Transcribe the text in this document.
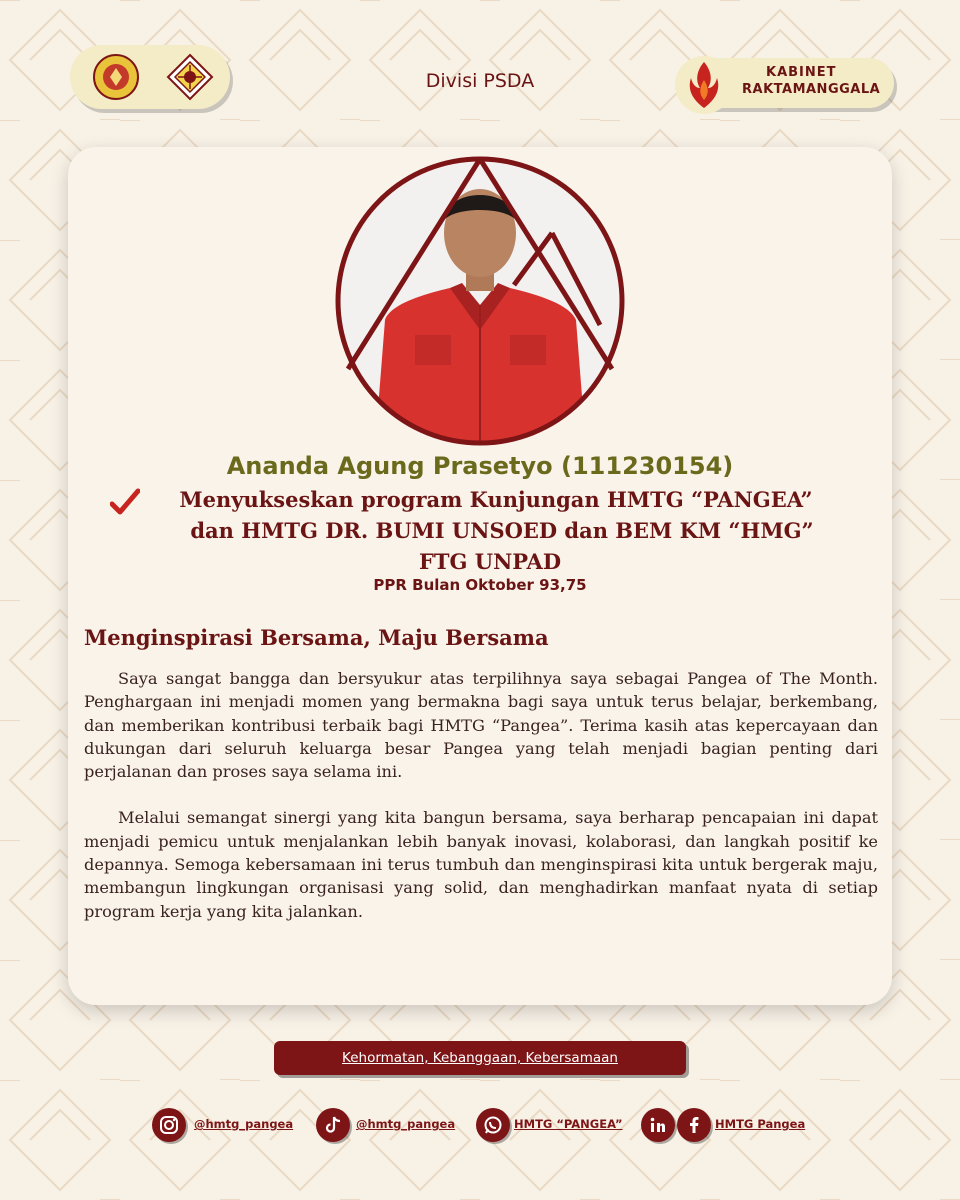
Divisi PSDA	KABINET
RAKTAMANGGALA
Ananda Agung Prasetyo (111230154)
Menyukseskan program Kunjungan HMTG “PANGEA”
dan HMTG DR. BUMI UNSOED dan BEM KM “HMG”
FTG UNPAD
PPR Bulan Oktober 93,75
Menginspirasi Bersama, Maju Bersama

Saya sangat bangga dan bersyukur atas terpilihnya saya sebagai Pangea of The Month. Penghargaan ini menjadi momen yang bermakna bagi saya untuk terus belajar, berkembang, dan memberikan kontribusi terbaik bagi HMTG “Pangea”. Terima kasih atas kepercayaan dan dukungan dari seluruh keluarga besar Pangea yang telah menjadi bagian penting dari perjalanan dan proses saya selama ini.

Melalui semangat sinergi yang kita bangun bersama, saya berharap pencapaian ini dapat menjadi pemicu untuk menjalankan lebih banyak inovasi, kolaborasi, dan langkah positif ke depannya. Semoga kebersamaan ini terus tumbuh dan menginspirasi kita untuk bergerak maju, membangun lingkungan organisasi yang solid, dan menghadirkan manfaat nyata di setiap program kerja yang kita jalankan.

Kehormatan, Kebanggaan, Kebersamaan
@hmtg_pangea	@hmtg_pangea	HMTG “PANGEA”	HMTG Pangea
